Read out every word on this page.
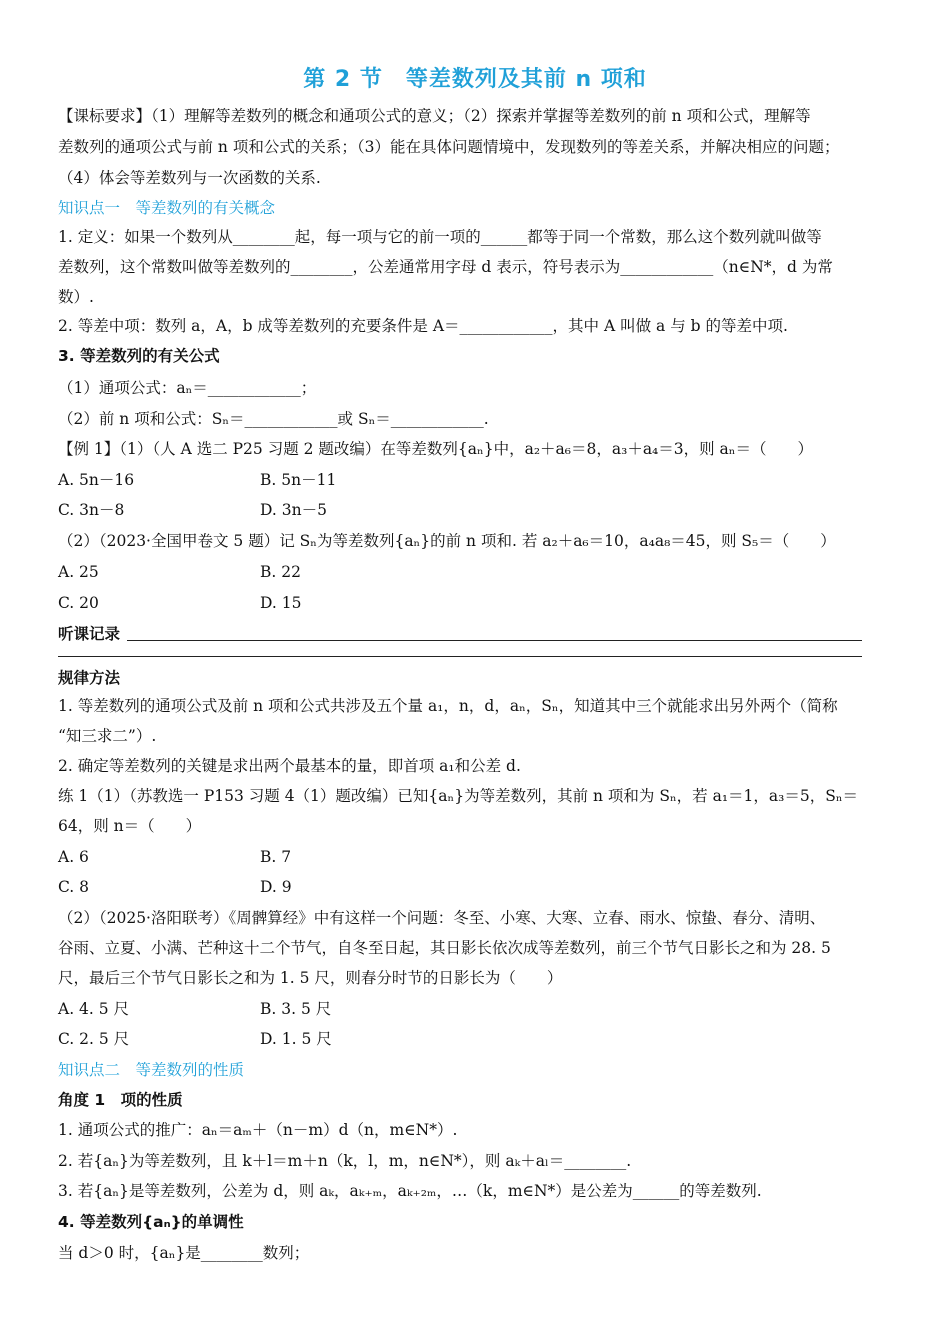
第 2 节　等差数列及其前 n 项和
【课标要求】（1）理解等差数列的概念和通项公式的意义；（2）探索并掌握等差数列的前 n 项和公式，理解等
差数列的通项公式与前 n 项和公式的关系；（3）能在具体问题情境中，发现数列的等差关系，并解决相应的问题；
（4）体会等差数列与一次函数的关系.
知识点一　等差数列的有关概念
1. 定义：如果一个数列从________起，每一项与它的前一项的______都等于同一个常数，那么这个数列就叫做等
差数列，这个常数叫做等差数列的________，公差通常用字母 d 表示，符号表示为____________（n∈N*，d 为常
数）.
2. 等差中项：数列 a，A，b 成等差数列的充要条件是 A＝____________，其中 A 叫做 a 与 b 的等差中项.
3. 等差数列的有关公式
（1）通项公式：aₙ＝____________；
（2）前 n 项和公式：Sₙ＝____________或 Sₙ＝____________.
【例 1】（1）（人 A 选二 P25 习题 2 题改编）在等差数列{aₙ}中，a₂＋a₆＝8，a₃＋a₄＝3，则 aₙ＝（　　）
A. 5n－16	B. 5n－11
C. 3n－8	D. 3n－5
（2）（2023·全国甲卷文 5 题）记 Sₙ为等差数列{aₙ}的前 n 项和. 若 a₂＋a₆＝10，a₄a₈＝45，则 S₅＝（　　）
A. 25	B. 22
C. 20	D. 15
听课记录
规律方法
1. 等差数列的通项公式及前 n 项和公式共涉及五个量 a₁，n，d，aₙ，Sₙ，知道其中三个就能求出另外两个（简称
“知三求二”）.
2. 确定等差数列的关键是求出两个最基本的量，即首项 a₁和公差 d.
练 1（1）（苏教选一 P153 习题 4（1）题改编）已知{aₙ}为等差数列，其前 n 项和为 Sₙ，若 a₁＝1，a₃＝5，Sₙ＝
64，则 n＝（　　）
A. 6	B. 7
C. 8	D. 9
（2）（2025·洛阳联考）《周髀算经》中有这样一个问题：冬至、小寒、大寒、立春、雨水、惊蛰、春分、清明、
谷雨、立夏、小满、芒种这十二个节气，自冬至日起，其日影长依次成等差数列，前三个节气日影长之和为 28. 5
尺，最后三个节气日影长之和为 1. 5 尺，则春分时节的日影长为（　　）
A. 4. 5 尺	B. 3. 5 尺
C. 2. 5 尺	D. 1. 5 尺
知识点二　等差数列的性质
角度 1　项的性质
1. 通项公式的推广：aₙ＝aₘ＋（n－m）d（n，m∈N*）.
2. 若{aₙ}为等差数列，且 k＋l＝m＋n（k，l，m，n∈N*），则 aₖ＋aₗ＝________.
3. 若{aₙ}是等差数列，公差为 d，则 aₖ，aₖ₊ₘ，aₖ₊₂ₘ，…（k，m∈N*）是公差为______的等差数列.
4. 等差数列{aₙ}的单调性
当 d＞0 时，{aₙ}是________数列；
